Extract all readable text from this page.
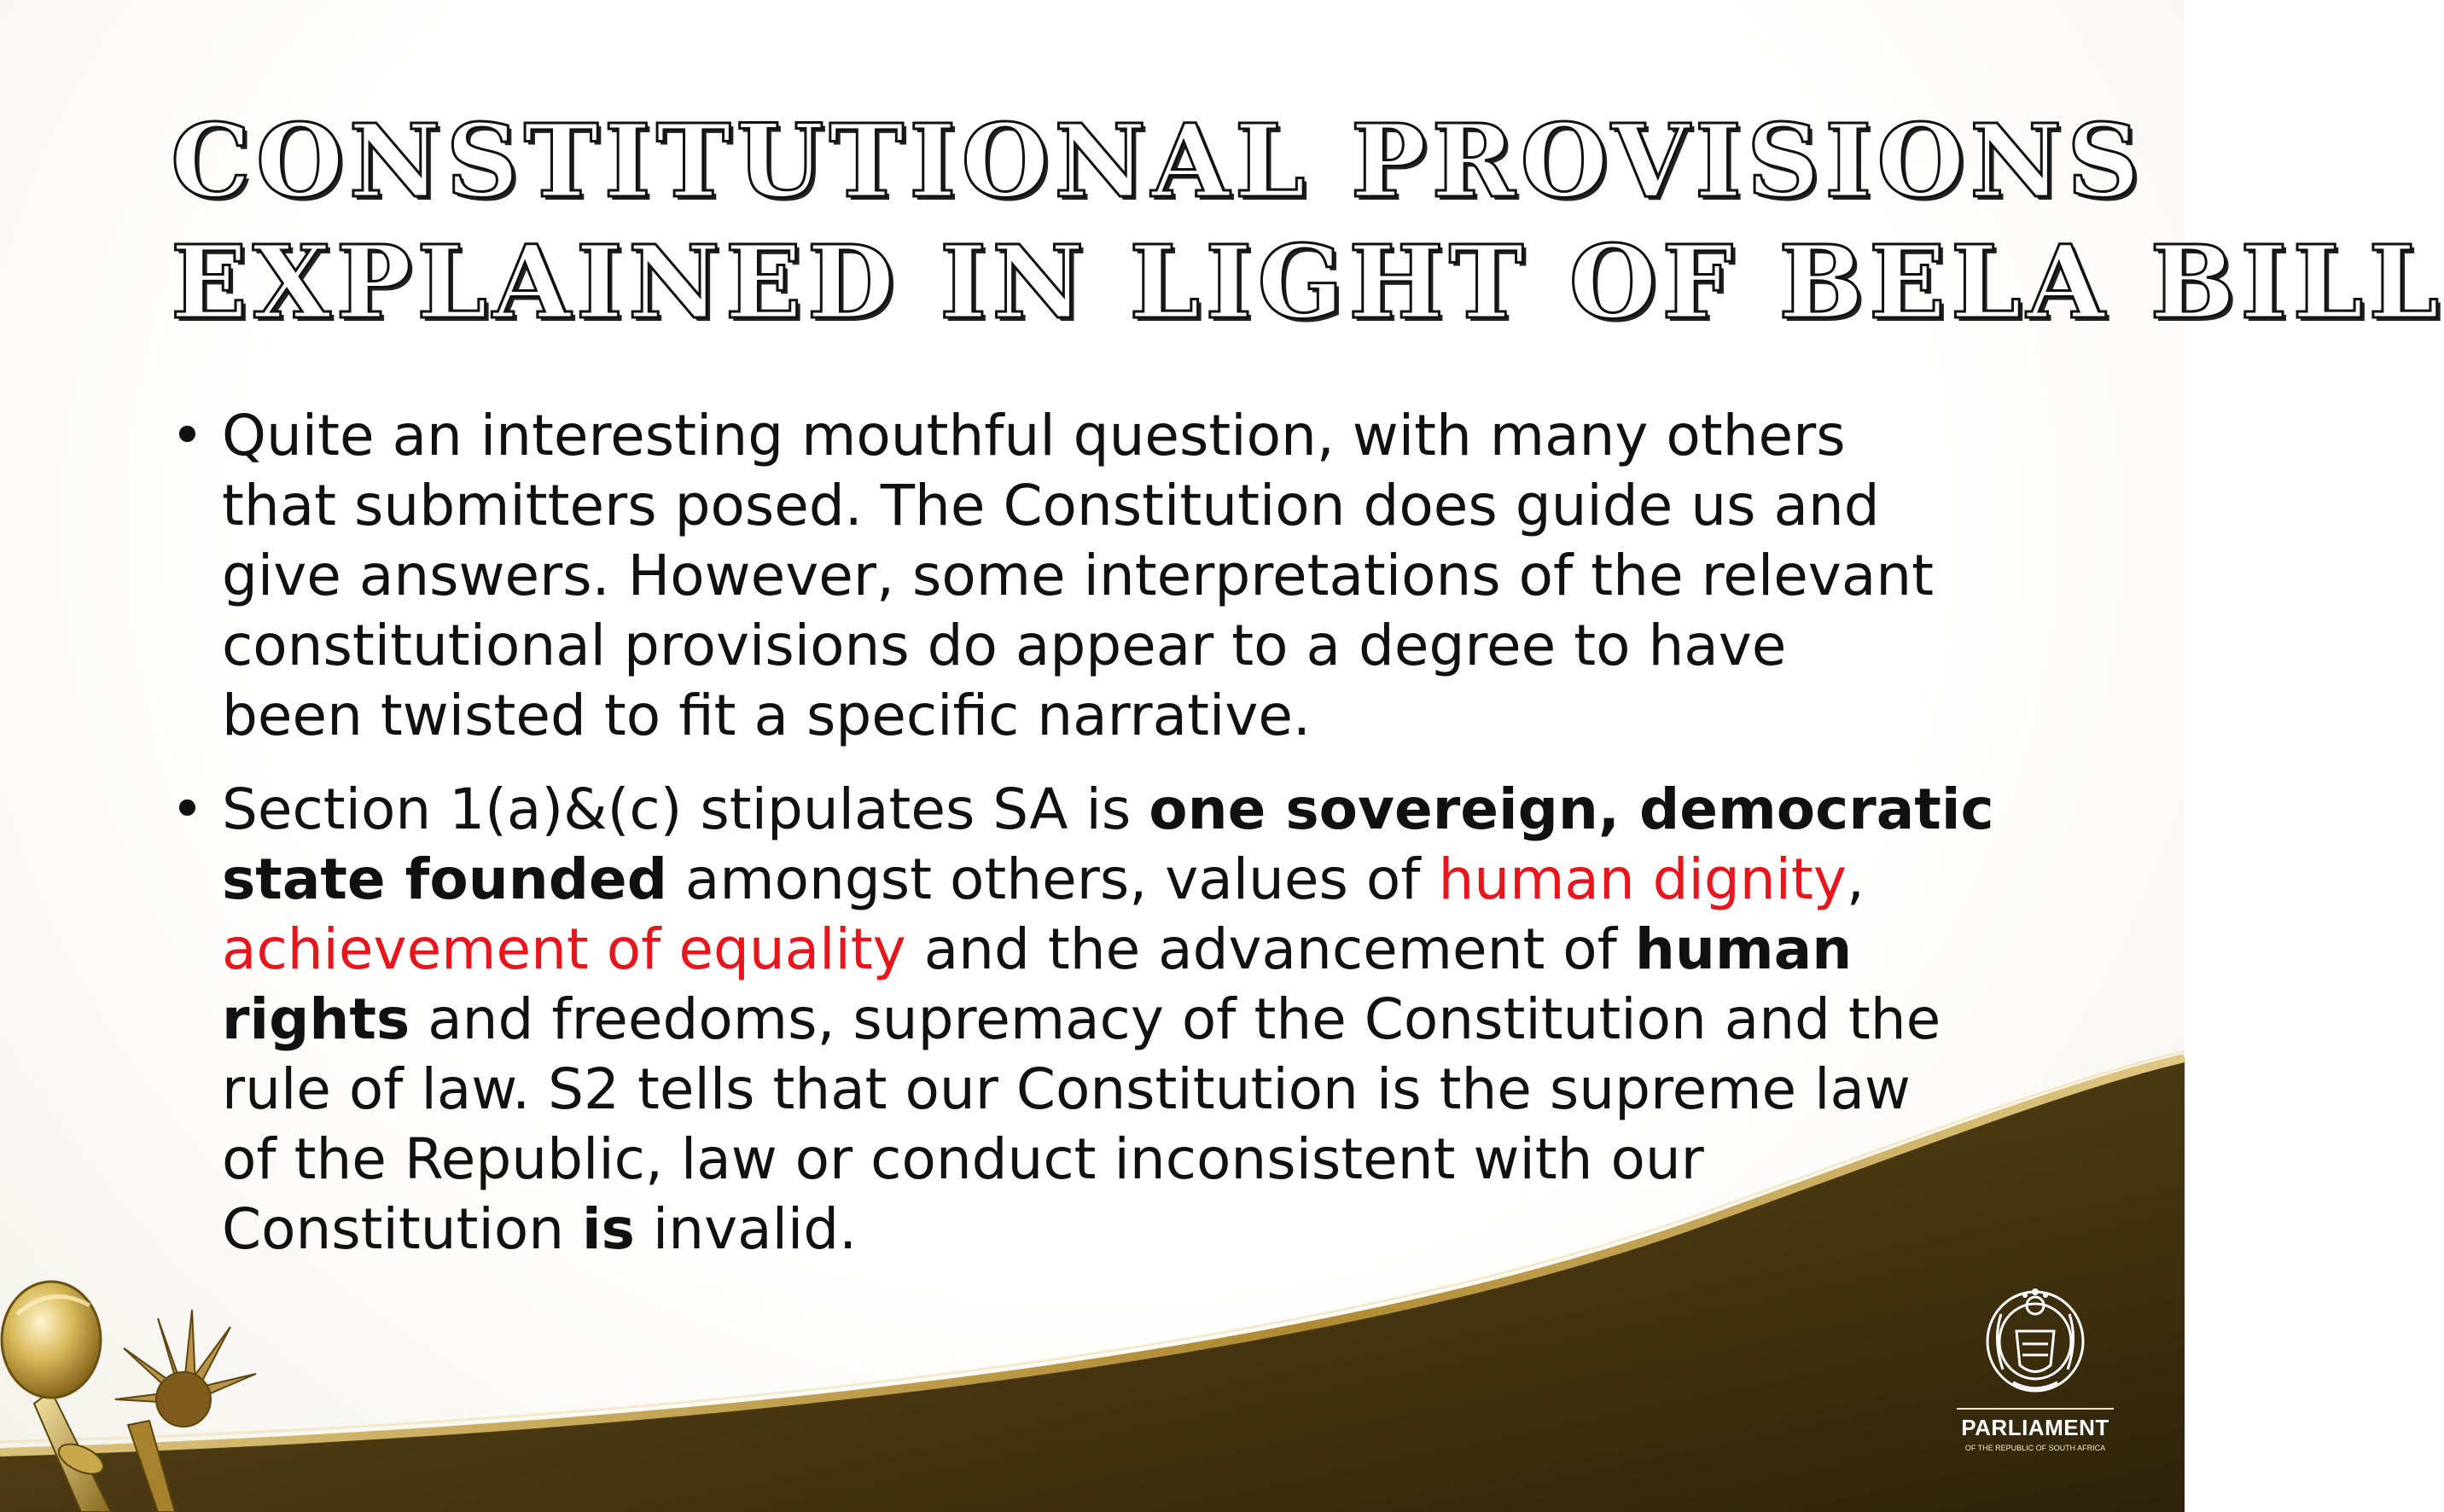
CONSTITUTIONAL PROVISIONS
EXPLAINED IN LIGHT OF BELA BILL
• Quite an interesting mouthful question, with many others
that submitters posed. The Constitution does guide us and
give answers. However, some interpretations of the relevant
constitutional provisions do appear to a degree to have
been twisted to fit a specific narrative.
• Section 1(a)&(c) stipulates SA is one sovereign, democratic
state founded amongst others, values of human dignity,
achievement of equality and the advancement of human
rights and freedoms, supremacy of the Constitution and the
rule of law. S2 tells that our Constitution is the supreme law
of the Republic, law or conduct inconsistent with our
Constitution is invalid.
PARLIAMENT
OF THE REPUBLIC OF SOUTH AFRICA
